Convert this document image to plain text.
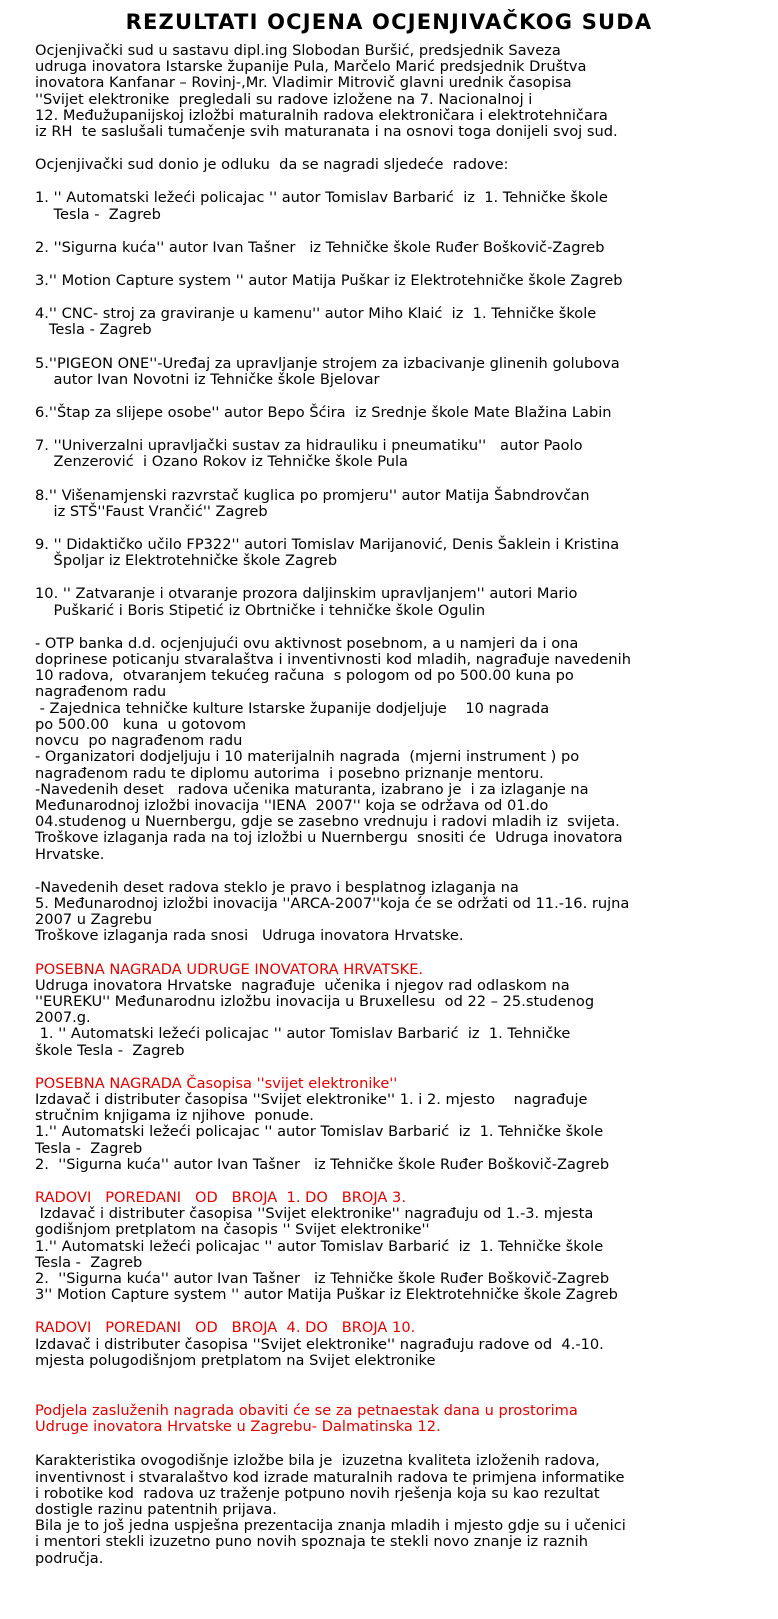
REZULTATI OCJENA OCJENJIVAČKOG SUDA

Ocjenjivački sud u sastavu dipl.ing Slobodan Buršić, predsjednik Saveza
udruga inovatora Istarske županije Pula, Marčelo Marić predsjednik Društva
inovatora Kanfanar – Rovinj-,Mr. Vladimir Mitrovič glavni urednik časopisa
''Svijet elektronike  pregledali su radove izložene na 7. Nacionalnoj i
12. Međužupanijskoj izložbi maturalnih radova elektroničara i elektrotehničara
iz RH  te saslušali tumačenje svih maturanata i na osnovi toga donijeli svoj sud.

Ocjenjivački sud donio je odluku  da se nagradi sljedeće  radove:

1. '' Automatski ležeći policajac '' autor Tomislav Barbarić  iz  1. Tehničke škole
Tesla -  Zagreb

2. ''Sigurna kuća'' autor Ivan Tašner   iz Tehničke škole Ruđer Boškovič-Zagreb

3.'' Motion Capture system '' autor Matija Puškar iz Elektrotehničke škole Zagreb

4.'' CNC- stroj za graviranje u kamenu'' autor Miho Klaić  iz  1. Tehničke škole
Tesla - Zagreb

5.''PIGEON ONE''-Uređaj za upravljanje strojem za izbacivanje glinenih golubova
autor Ivan Novotni iz Tehničke škole Bjelovar

6.''Štap za slijepe osobe'' autor Bepo Šćira  iz Srednje škole Mate Blažina Labin

7. ''Univerzalni upravljački sustav za hidrauliku i pneumatiku''   autor Paolo
Zenzerović  i Ozano Rokov iz Tehničke škole Pula

8.'' Višenamjenski razvrstač kuglica po promjeru'' autor Matija Šabndrovčan
iz STŠ''Faust Vrančić'' Zagreb

9. '' Didaktičko učilo FP322'' autori Tomislav Marijanović, Denis Šaklein i Kristina
Špoljar iz Elektrotehničke škole Zagreb

10. '' Zatvaranje i otvaranje prozora daljinskim upravljanjem'' autori Mario
Puškarić i Boris Stipetić iz Obrtničke i tehničke škole Ogulin

- OTP banka d.d. ocjenjujući ovu aktivnost posebnom, a u namjeri da i ona
doprinese poticanju stvaralaštva i inventivnosti kod mladih, nagrađuje navedenih
10 radova,  otvaranjem tekućeg računa  s pologom od po 500.00 kuna po
nagrađenom radu
- Zajednica tehničke kulture Istarske županije dodjeljuje    10 nagrada
po 500.00   kuna  u gotovom
novcu  po nagrađenom radu
- Organizatori dodjeljuju i 10 materijalnih nagrada  (mjerni instrument ) po
nagrađenom radu te diplomu autorima  i posebno priznanje mentoru.
-Navedenih deset   radova učenika maturanta, izabrano je  i za izlaganje na
Međunarodnoj izložbi inovacija ''IENA  2007'' koja se održava od 01.do
04.studenog u Nuernbergu, gdje se zasebno vrednuju i radovi mladih iz  svijeta.
Troškove izlaganja rada na toj izložbi u Nuernbergu  snositi će  Udruga inovatora
Hrvatske.

-Navedenih deset radova steklo je pravo i besplatnog izlaganja na
5. Međunarodnoj izložbi inovacija ''ARCA-2007''koja će se održati od 11.-16. rujna
2007 u Zagrebu
Troškove izlaganja rada snosi   Udruga inovatora Hrvatske.

POSEBNA NAGRADA UDRUGE INOVATORA HRVATSKE.

Udruga inovatora Hrvatske  nagrađuje  učenika i njegov rad odlaskom na
''EUREKU'' Međunarodnu izložbu inovacija u Bruxellesu  od 22 – 25.studenog
2007.g.
1. '' Automatski ležeći policajac '' autor Tomislav Barbarić  iz  1. Tehničke
škole Tesla -  Zagreb

POSEBNA NAGRADA Časopisa ''svijet elektronike''

Izdavač i distributer časopisa ''Svijet elektronike'' 1. i 2. mjesto    nagrađuje
stručnim knjigama iz njihove  ponude.
1.'' Automatski ležeći policajac '' autor Tomislav Barbarić  iz  1. Tehničke škole
Tesla -  Zagreb
2.  ''Sigurna kuća'' autor Ivan Tašner   iz Tehničke škole Ruđer Boškovič-Zagreb

RADOVI   POREDANI   OD   BROJA  1. DO   BROJA 3.

Izdavač i distributer časopisa ''Svijet elektronike'' nagrađuju od 1.-3. mjesta
godišnjom pretplatom na časopis '' Svijet elektronike''
1.'' Automatski ležeći policajac '' autor Tomislav Barbarić  iz  1. Tehničke škole
Tesla -  Zagreb
2.  ''Sigurna kuća'' autor Ivan Tašner   iz Tehničke škole Ruđer Boškovič-Zagreb
3'' Motion Capture system '' autor Matija Puškar iz Elektrotehničke škole Zagreb

RADOVI   POREDANI   OD   BROJA  4. DO   BROJA 10.

Izdavač i distributer časopisa ''Svijet elektronike'' nagrađuju radove od  4.-10.
mjesta polugodišnjom pretplatom na Svijet elektronike

Podjela zasluženih nagrada obaviti će se za petnaestak dana u prostorima
Udruge inovatora Hrvatske u Zagrebu- Dalmatinska 12.

Karakteristika ovogodišnje izložbe bila je  izuzetna kvaliteta izloženih radova,
inventivnost i stvaralaštvo kod izrade maturalnih radova te primjena informatike
i robotike kod  radova uz traženje potpuno novih rješenja koja su kao rezultat
dostigle razinu patentnih prijava.
Bila je to još jedna uspješna prezentacija znanja mladih i mjesto gdje su i učenici
i mentori stekli izuzetno puno novih spoznaja te stekli novo znanje iz raznih
područja.
